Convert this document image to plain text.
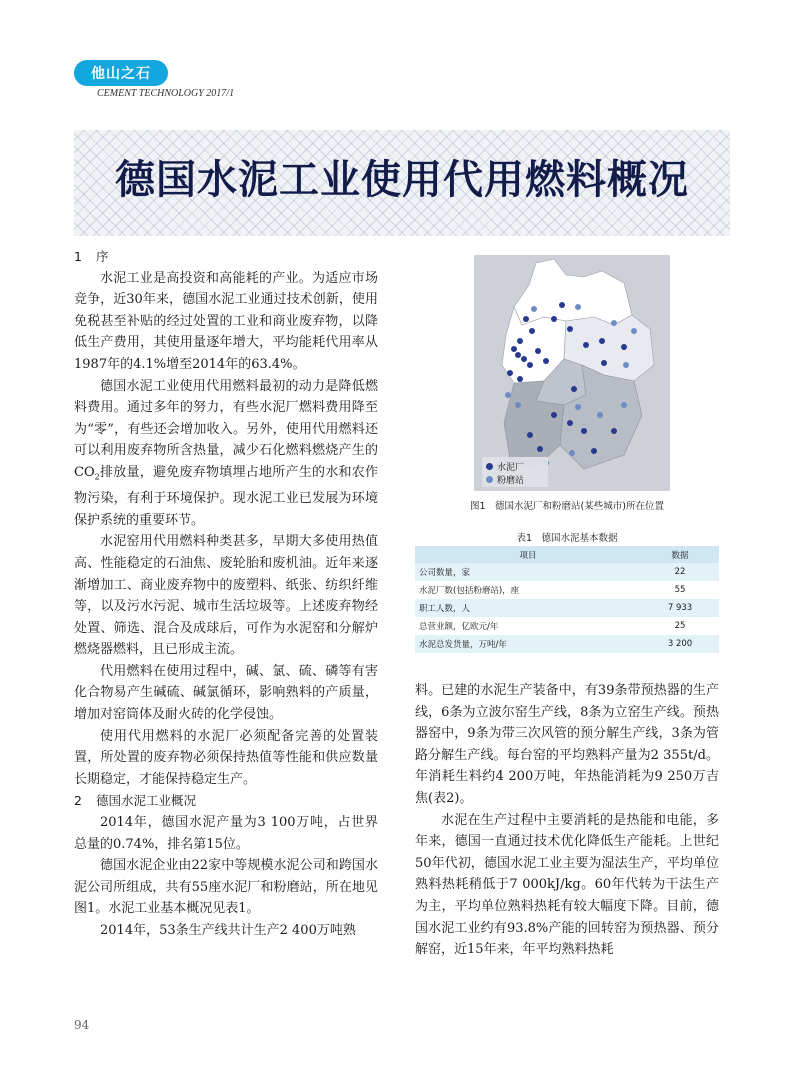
他山之石
CEMENT TECHNOLOGY 2017/1
德国水泥工业使用代用燃料概况

1 序

水泥工业是高投资和高能耗的产业。为适应市场竞争，近30年来，德国水泥工业通过技术创新，使用免税甚至补贴的经过处置的工业和商业废弃物，以降低生产费用，其使用量逐年增大，平均能耗代用率从1987年的4.1%增至2014年的63.4%。

德国水泥工业使用代用燃料最初的动力是降低燃料费用。通过多年的努力，有些水泥厂燃料费用降至为“零”，有些还会增加收入。另外，使用代用燃料还可以利用废弃物所含热量，减少石化燃料燃烧产生的$CO_2$排放量，避免废弃物填埋占地所产生的水和农作物污染，有利于环境保护。现水泥工业已发展为环境保护系统的重要环节。

水泥窑用代用燃料种类甚多，早期大多使用热值高、性能稳定的石油焦、废轮胎和废机油。近年来逐渐增加工、商业废弃物中的废塑料、纸张、纺织纤维等，以及污水污泥、城市生活垃圾等。上述废弃物经处置、筛选、混合及成球后，可作为水泥窑和分解炉燃烧器燃料，且已形成主流。

代用燃料在使用过程中，碱、氯、硫、磷等有害化合物易产生碱硫、碱氯循环，影响熟料的产质量，增加对窑筒体及耐火砖的化学侵蚀。

使用代用燃料的水泥厂必须配备完善的处置装置，所处置的废弃物必须保持热值等性能和供应数量长期稳定，才能保持稳定生产。

2 德国水泥工业概况

2014年，德国水泥产量为3 100万吨，占世界总量的0.74%，排名第15位。

德国水泥企业由22家中等规模水泥公司和跨国水泥公司所组成，共有55座水泥厂和粉磨站，所在地见图1。水泥工业基本概况见表1。

2014年，53条生产线共计生产2 400万吨熟

水泥厂
粉磨站
图1　德国水泥厂和粉磨站(某些城市)所在位置
表1　德国水泥基本数据
项目	数据
公司数量，家	22
水泥厂数(包括粉磨站)，座	55
职工人数，人	7 933
总营业额，亿欧元/年	25
水泥总发货量，万吨/年	3 200

料。已建的水泥生产装备中，有39条带预热器的生产线，6条为立波尔窑生产线，8条为立窑生产线。预热器窑中，9条为带三次风管的预分解生产线，3条为管路分解生产线。每台窑的平均熟料产量为2 355t/d。年消耗生料约4 200万吨，年热能消耗为9 250万吉焦(表2)。

水泥在生产过程中主要消耗的是热能和电能，多年来，德国一直通过技术优化降低生产能耗。上世纪50年代初，德国水泥工业主要为湿法生产，平均单位熟料热耗稍低于7 000kJ/kg。60年代转为干法生产为主，平均单位熟料热耗有较大幅度下降。目前，德国水泥工业约有93.8%产能的回转窑为预热器、预分解窑，近15年来，年平均熟料热耗

94
